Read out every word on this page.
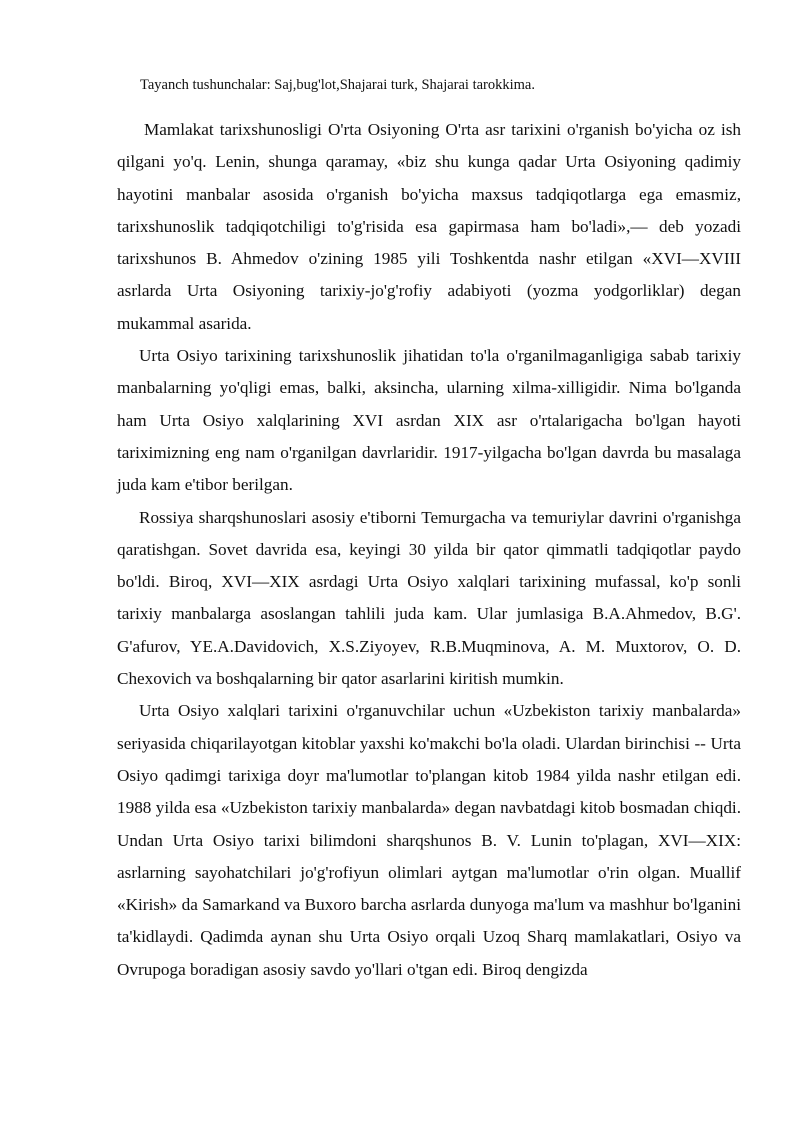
Tayanch tushunchalar: Saj,bug'lot,Shajarai turk, Shajarai tarokkima.

Mamlakat tarixshunosligi O'rta Osiyoning O'rta asr tarixini o'rganish bo'yicha oz ish qilgani yo'q. Lenin, shunga qaramay, «biz shu kunga qadar Urta Osiyoning qadimiy hayotini manbalar asosida o'rganish bo'yicha maxsus tadqiqotlarga ega emasmiz, tarixshunoslik tadqiqotchiligi to'g'risida esa gapirmasa ham bo'ladi»,— deb yozadi tarixshunos B. Ahmedov o'zining 1985 yili Toshkentda nashr etilgan «XVI—XVIII asrlarda Urta Osiyoning tarixiy-jo'g'rofiy adabiyoti (yozma yodgorliklar) degan mukammal asarida.

Urta Osiyo tarixining tarixshunoslik jihatidan to'la o'rganilmaganligiga sabab tarixiy manbalarning yo'qligi emas, balki, aksincha, ularning xilma-xilligidir. Nima bo'lganda ham Urta Osiyo xalqlarining XVI asrdan XIX asr o'rtalarigacha bo'lgan hayoti tariximizning eng nam o'rganilgan davrlaridir. 1917-yilgacha bo'lgan davrda bu masalaga juda kam e'tibor berilgan.

Rossiya sharqshunoslari asosiy e'tiborni Temurgacha va temuriylar davrini o'rganishga qaratishgan. Sovet davrida esa, keyingi 30 yilda bir qator qimmatli tadqiqotlar paydo bo'ldi. Biroq, XVI—XIX asrdagi Urta Osiyo xalqlari tarixining mufassal, ko'p sonli tarixiy manbalarga asoslangan tahlili juda kam. Ular jumlasiga B.A.Ahmedov, B.G'. G'afurov, YE.A.Davidovich, X.S.Ziyoyev, R.B.Muqminova, A. M. Muxtorov, O. D. Chexovich va boshqalarning bir qator asarlarini kiritish mumkin.

Urta Osiyo xalqlari tarixini o'rganuvchilar uchun «Uzbekiston tarixiy manbalarda» seriyasida chiqarilayotgan kitoblar yaxshi ko'makchi bo'la oladi. Ulardan birinchisi -- Urta Osiyo qadimgi tarixiga doyr ma'lumotlar to'plangan kitob 1984 yilda nashr etilgan edi. 1988 yilda esa «Uzbekiston tarixiy manbalarda» degan navbatdagi kitob bosmadan chiqdi. Undan Urta Osiyo tarixi bilimdoni sharqshunos B. V. Lunin to'plagan, XVI—XIX: asrlarning sayohatchilari jo'g'rofiyun olimlari aytgan ma'lumotlar o'rin olgan. Muallif «Kirish» da Samarkand va Buxoro barcha asrlarda dunyoga ma'lum va mashhur bo'lganini ta'kidlaydi. Qadimda aynan shu Urta Osiyo orqali Uzoq Sharq mamlakatlari, Osiyo va Ovrupoga boradigan asosiy savdo yo'llari o'tgan edi. Biroq dengizda
